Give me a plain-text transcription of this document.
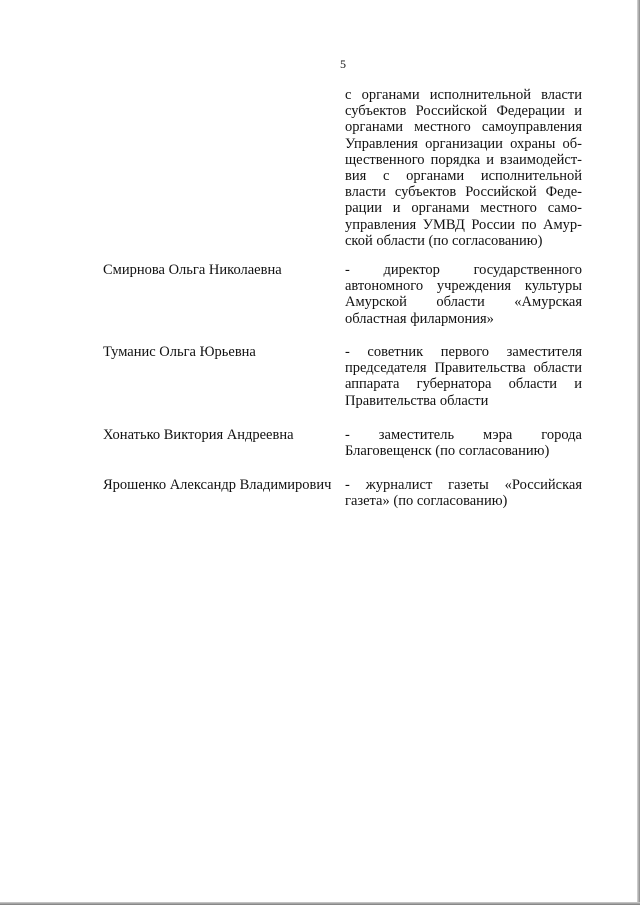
5
с органами исполнительной власти
субъектов Российской Федерации и
органами местного самоуправления
Управления организации охраны об-
щественного порядка и взаимодейст-
вия с органами исполнительной
власти субъектов Российской Феде-
рации и органами местного само-
управления УМВД России по Амур-
ской области (по согласованию)
Смирнова Ольга Николаевна	- директор государственного
автономного учреждения культуры
Амурской области «Амурская
областная филармония»
Туманис Ольга Юрьевна	- советник первого заместителя
председателя Правительства области
аппарата губернатора области и
Правительства области
Хонатько Виктория Андреевна	- заместитель мэра города
Благовещенск (по согласованию)
Ярошенко Александр Владимирович - журналист газеты «Российская
газета» (по согласованию)
